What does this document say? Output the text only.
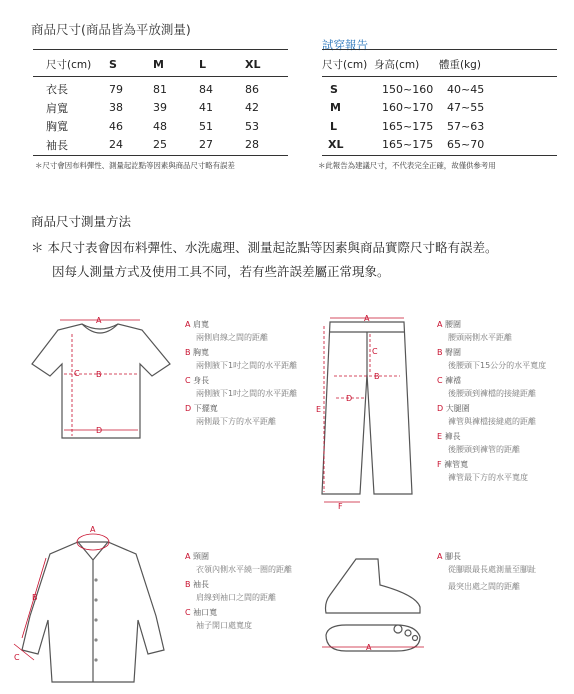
商品尺寸(商品皆為平放測量)
尺寸(cm)	S	M	L	XL
衣長	79	81	84	86
肩寬	38	39	41	42
胸寬	46	48	51	53
袖長	24	25	27	28
＊尺寸會因布料彈性、測量起訖點等因素與商品尺寸略有誤差
試穿報告
尺寸(cm)	身高(cm)	體重(kg)
S	150~160	40~45
M	160~170	47~55
L	165~175	57~63
XL	165~175	65~70
＊此報告為建議尺寸，不代表完全正確，故僅供參考用
商品尺寸測量方法
＊ 本尺寸表會因布料彈性、水洗處理、測量起訖點等因素與商品實際尺寸略有誤差。
因每人測量方式及使用工具不同，若有些許誤差屬正常現象。
A
B
C
D
A 肩寬
兩側肩線之間的距離
B 胸寬
兩側腋下1吋之間的水平距離
C 身長
兩側腋下1吋之間的水平距離
D 下擺寬
兩側最下方的水平距離
A
B
C
D
E
F
A 腰圍
腰頭兩側水平距離
B 臀圍
後腰頭下15公分的水平寬度
C 褲襠
後腰頭到褲檔的接縫距離
D 大腿圍
褲管與褲檔接縫處的距離
E 褲長
後腰頭到褲管的距離
F 褲管寬
褲管最下方的水平寬度
A
B
C
A 頸圍
衣領內側水平繞一圈的距離
B 袖長
肩線到袖口之間的距離
C 袖口寬
袖子開口處寬度
A
A 腳長
從腳跟最長處測量至腳趾
最突出處之間的距離
